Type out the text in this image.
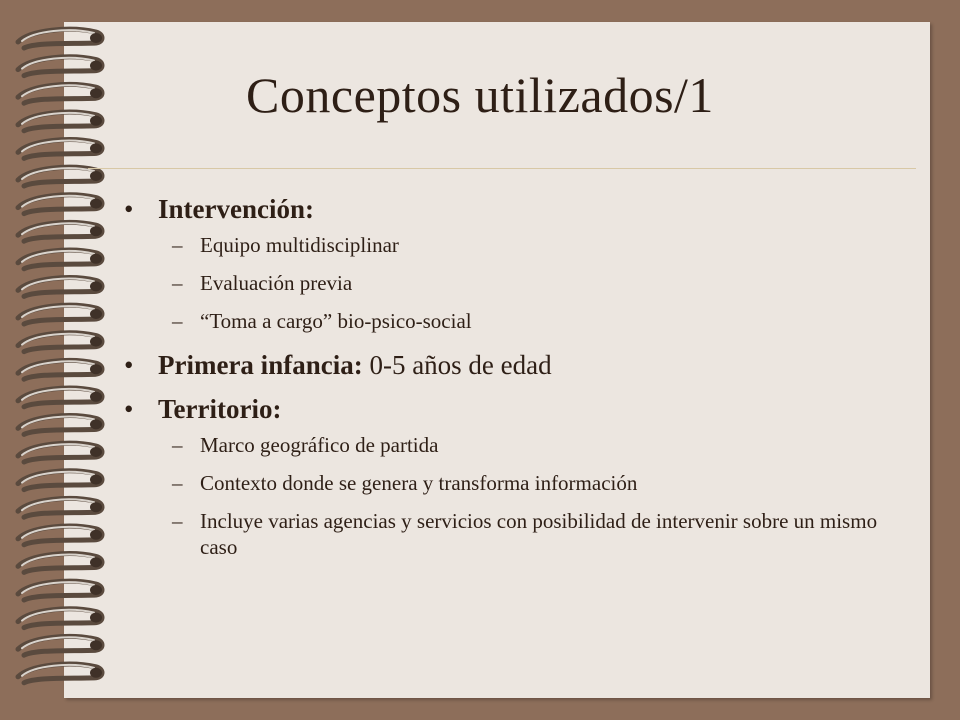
Conceptos utilizados/1
• Intervención:
– Equipo multidisciplinar
– Evaluación previa
– “Toma a cargo” bio-psico-social
• Primera infancia: 0-5 años de edad
• Territorio:
– Marco geográfico de partida
– Contexto donde se genera y transforma información
– Incluye varias agencias y servicios con posibilidad de intervenir sobre un mismo caso
